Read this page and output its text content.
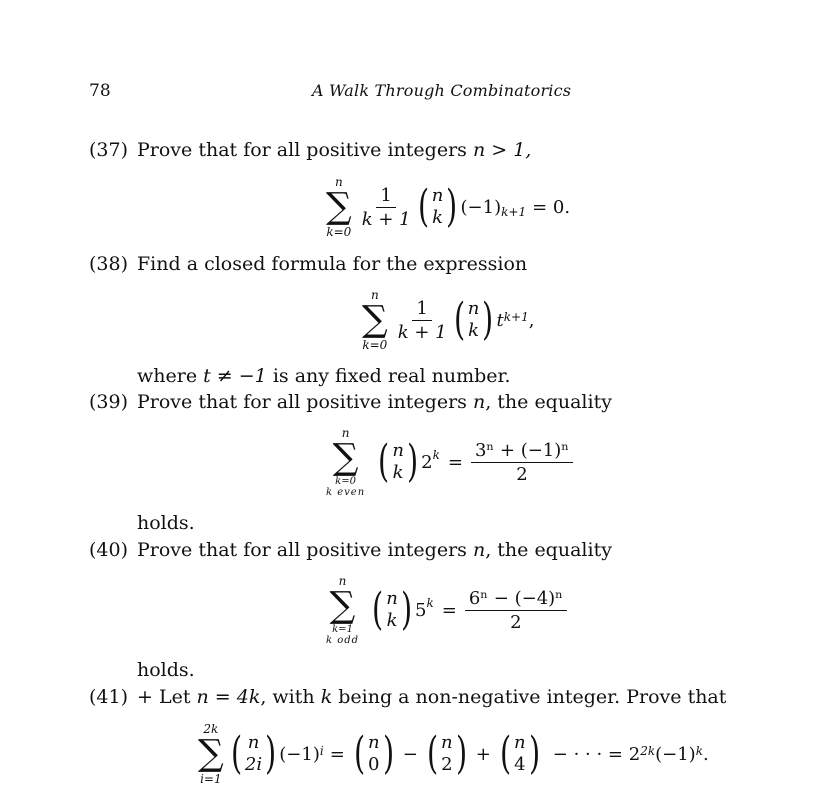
78	A Walk Through Combinatorics
(37) Prove that for all positive integers n > 1,
n
∑
k=0
$\frac{1}{k + 1}$ ( n
k ) $(-1)_{k+1} = 0$.
(38) Find a closed formula for the expression
n
∑
k=0
$\frac{1}{k + 1}$ ( n
k ) t k+1 ,
where t ≠ −1 is any fixed real number.
(39) Prove that for all positive integers n, the equality
n
∑
k=0
k even
( n
k ) $2^k = \frac{\text{3ⁿ + (−1)ⁿ}}{2}$
holds.
(40) Prove that for all positive integers n, the equality
n
∑
k=1
k odd
( n
k ) $5^k = \frac{\text{6ⁿ − (−4)ⁿ}}{2}$
holds.
(41) + Let n = 4k, with k being a non-negative integer. Prove that
2k
∑
i=1 ( n
2i ) (−1) i = ( n
0 ) − ( n
2 ) + ( n
4 ) − · · · = 2 2k (−1) k .
